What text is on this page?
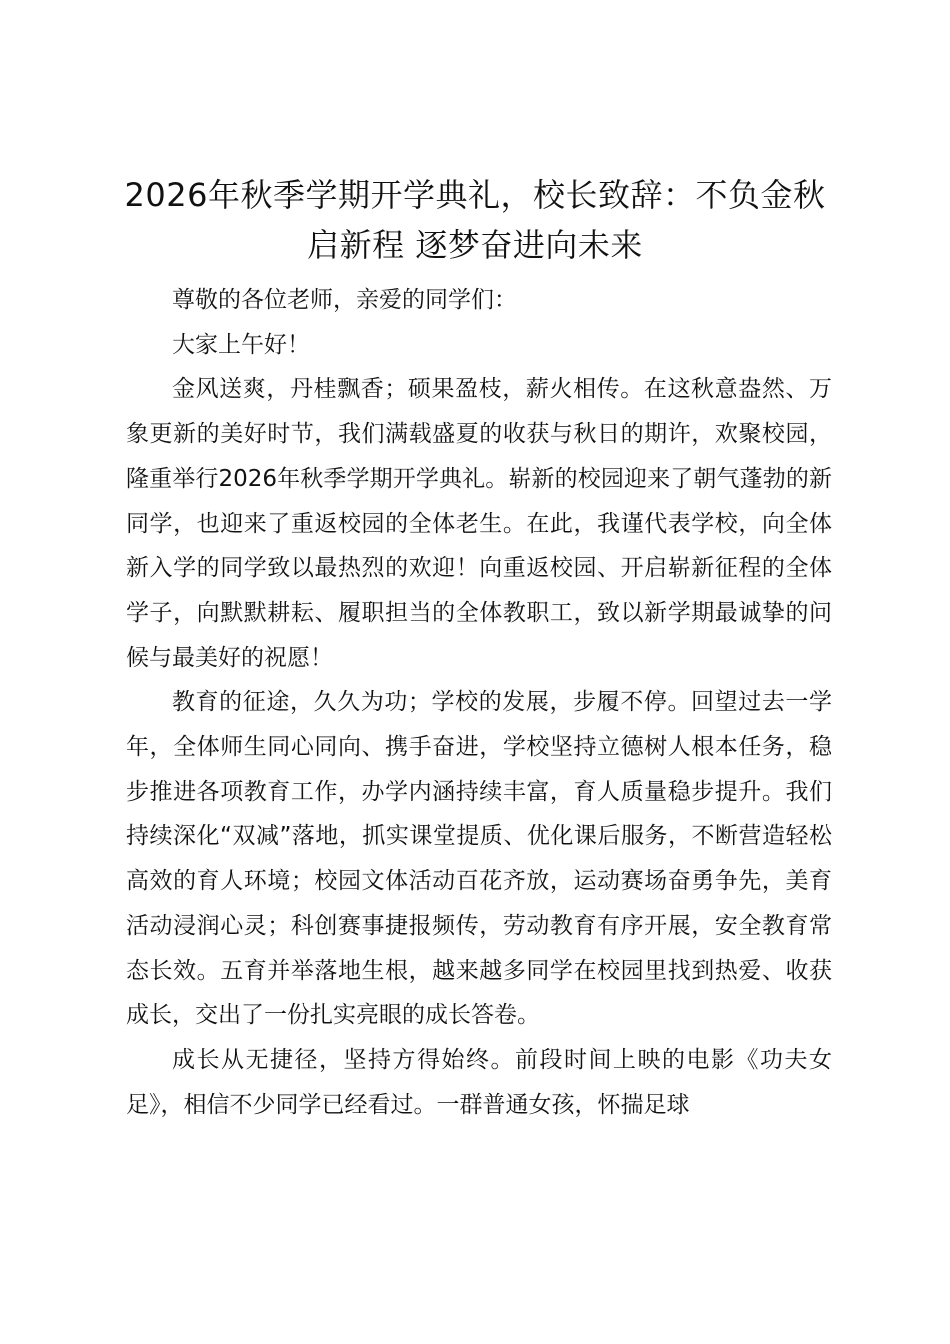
2026年秋季学期开学典礼，校长致辞：不负金秋启新程 逐梦奋进向未来

尊敬的各位老师，亲爱的同学们：

大家上午好！

金风送爽，丹桂飘香；硕果盈枝，薪火相传。在这秋意盎然、万象更新的美好时节，我们满载盛夏的收获与秋日的期许，欢聚校园，隆重举行2026年秋季学期开学典礼。崭新的校园迎来了朝气蓬勃的新同学，也迎来了重返校园的全体老生。在此，我谨代表学校，向全体新入学的同学致以最热烈的欢迎！向重返校园、开启崭新征程的全体学子，向默默耕耘、履职担当的全体教职工，致以新学期最诚挚的问候与最美好的祝愿！

教育的征途，久久为功；学校的发展，步履不停。回望过去一学年，全体师生同心同向、携手奋进，学校坚持立德树人根本任务，稳步推进各项教育工作，办学内涵持续丰富，育人质量稳步提升。我们持续深化“双减”落地，抓实课堂提质、优化课后服务，不断营造轻松高效的育人环境；校园文体活动百花齐放，运动赛场奋勇争先，美育活动浸润心灵；科创赛事捷报频传，劳动教育有序开展，安全教育常态长效。五育并举落地生根，越来越多同学在校园里找到热爱、收获成长，交出了一份扎实亮眼的成长答卷。

成长从无捷径，坚持方得始终。前段时间上映的电影《功夫女足》，相信不少同学已经看过。一群普通女孩，怀揣足球
